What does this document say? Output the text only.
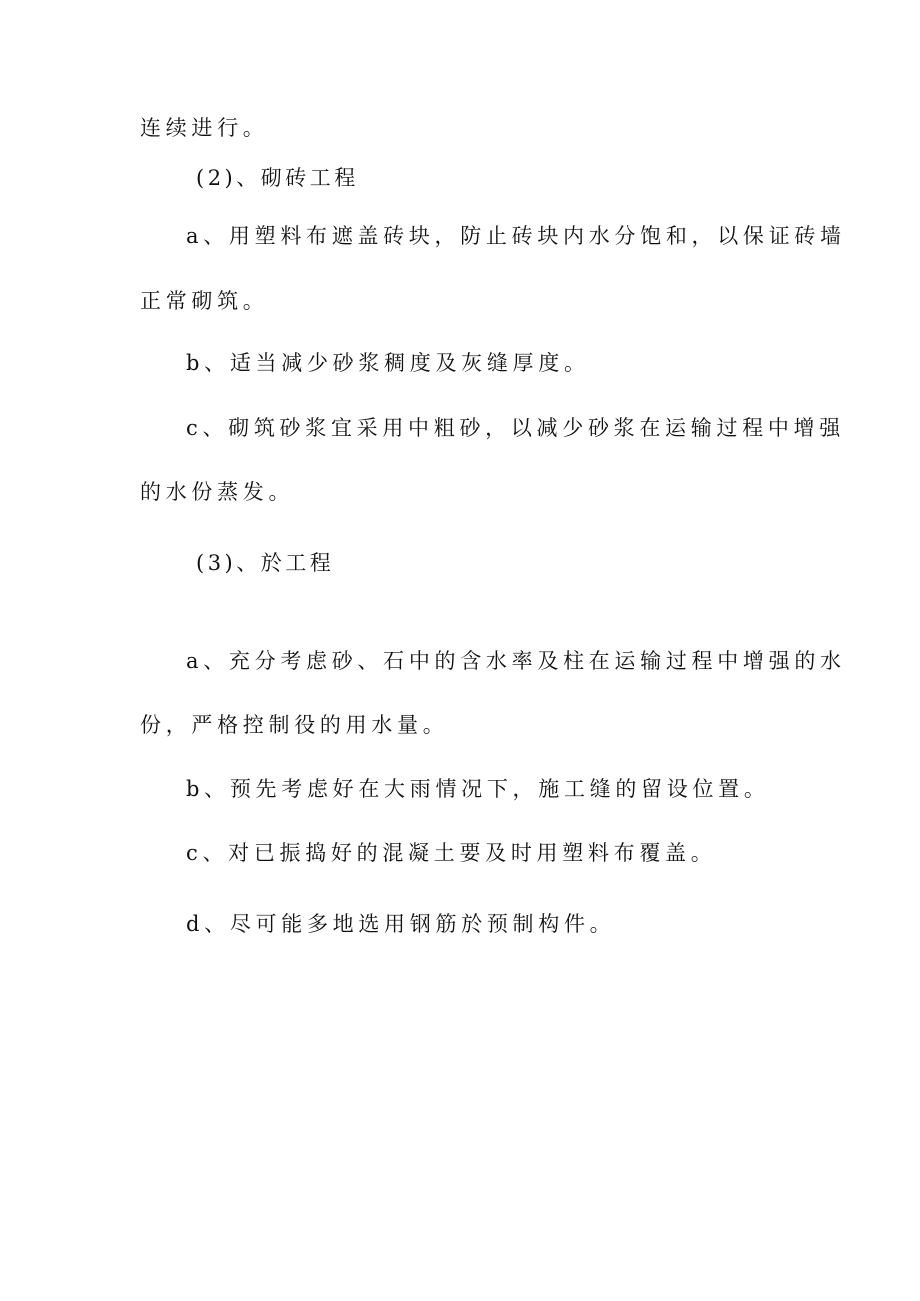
连续进行。
(2)、砌砖工程
a、用塑料布遮盖砖块，防止砖块内水分饱和，以保证砖墙
正常砌筑。
b、适当减少砂浆稠度及灰缝厚度。
c、砌筑砂浆宜采用中粗砂，以减少砂浆在运输过程中增强
的水份蒸发。
(3)、於工程
a、充分考虑砂、石中的含水率及柱在运输过程中增强的水
份，严格控制役的用水量。
b、预先考虑好在大雨情况下，施工缝的留设位置。
c、对已振捣好的混凝土要及时用塑料布覆盖。
d、尽可能多地选用钢筋於预制构件。
